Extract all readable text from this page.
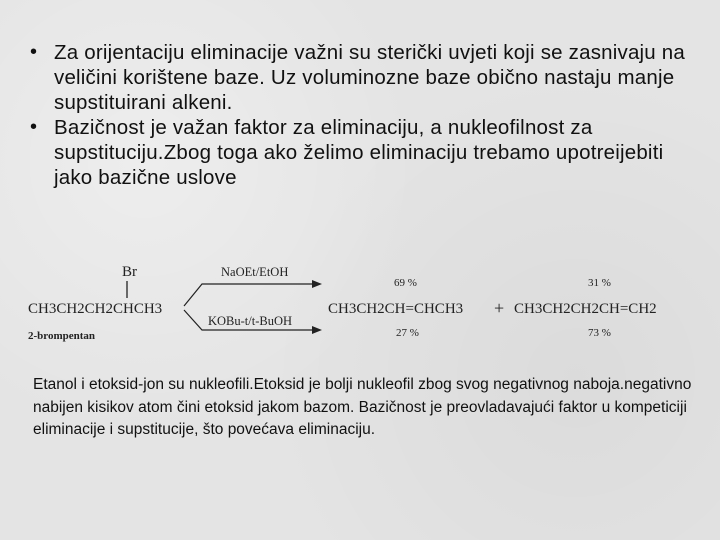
• Za orijentaciju eliminacije važni su sterički uvjeti koji se zasnivaju na veličini korištene baze. Uz voluminozne baze obično nastaju manje supstituirani alkeni.
• Bazičnost je važan faktor za eliminaciju, a nukleofilnost za supstituciju.Zbog toga ako želimo eliminaciju trebamo upotreijebiti jako bazične uslove
Br
CH3CH2CH2CHCH3
2-brompentan
NaOEt/EtOH
KOBu-t/t-BuOH
CH3CH2CH=CHCH3
69 %
27 %
+ CH3CH2CH2CH=CH2
31 %
73 %
Etanol i etoksid-jon su nukleofili.Etoksid je bolji nukleofil zbog svog negativnog naboja.negativno nabijen kisikov atom čini etoksid jakom bazom. Bazičnost je preovladavajući faktor u kompeticiji eliminacije i supstitucije, što povećava eliminaciju.
